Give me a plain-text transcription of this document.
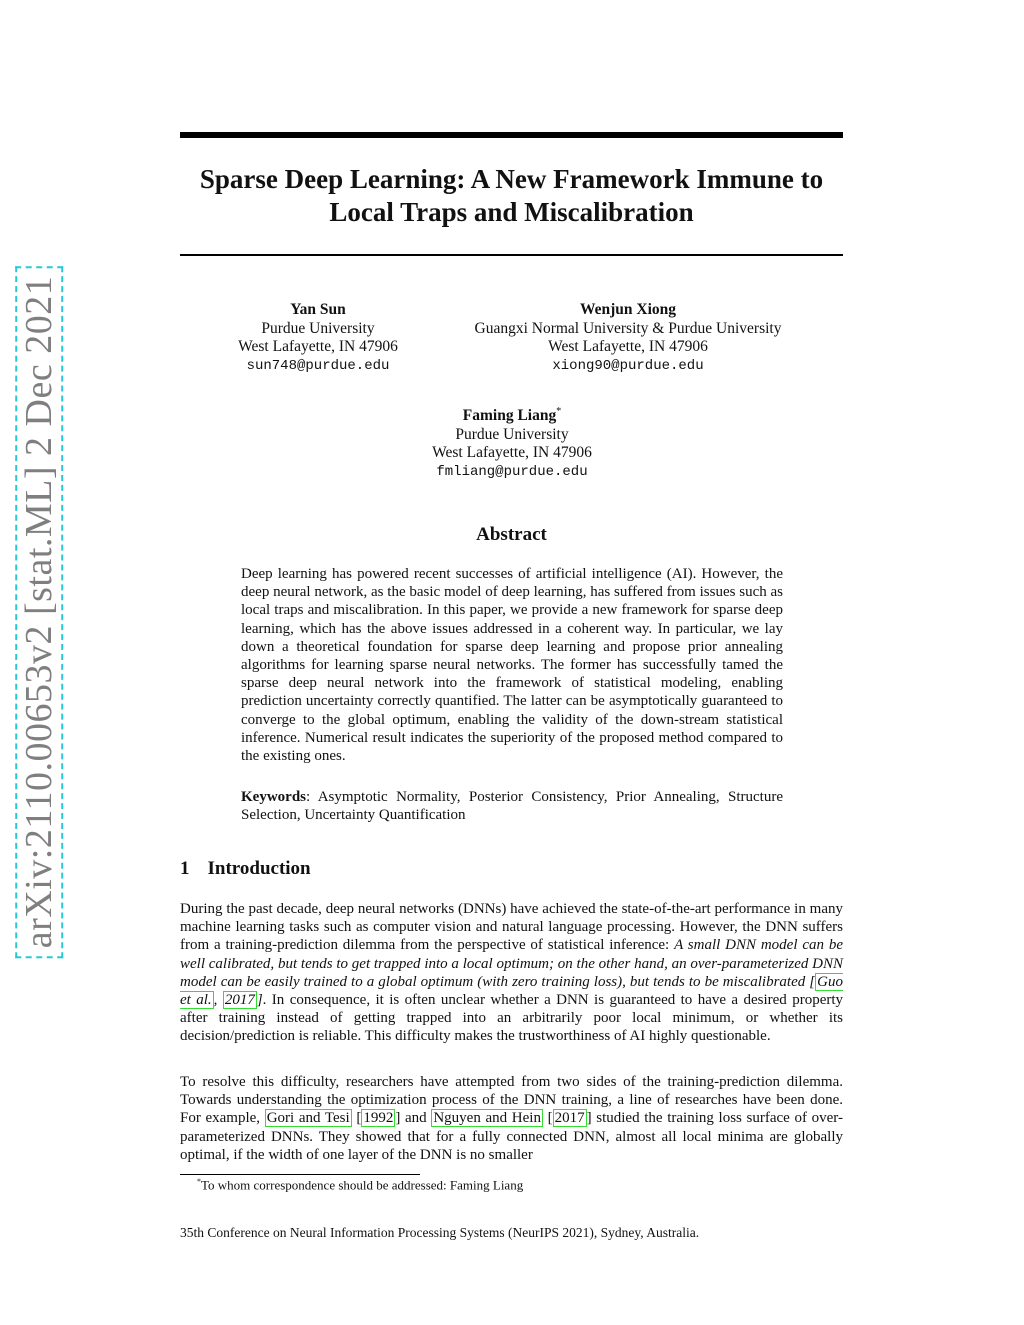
arXiv:2110.00653v2 [stat.ML] 2 Dec 2021
Sparse Deep Learning: A New Framework Immune to Local Traps and Miscalibration
Yan Sun
Purdue University
West Lafayette, IN 47906
sun748@purdue.edu
Wenjun Xiong
Guangxi Normal University & Purdue University
West Lafayette, IN 47906
xiong90@purdue.edu
Faming Liang*
Purdue University
West Lafayette, IN 47906
fmliang@purdue.edu
Abstract

Deep learning has powered recent successes of artificial intelligence (AI). However, the deep neural network, as the basic model of deep learning, has suffered from issues such as local traps and miscalibration. In this paper, we provide a new framework for sparse deep learning, which has the above issues addressed in a coherent way. In particular, we lay down a theoretical foundation for sparse deep learning and propose prior annealing algorithms for learning sparse neural networks. The former has successfully tamed the sparse deep neural network into the framework of statistical modeling, enabling prediction uncertainty correctly quantified. The latter can be asymptotically guaranteed to converge to the global optimum, enabling the validity of the down-stream statistical inference. Numerical result indicates the superiority of the proposed method compared to the existing ones.

Keywords: Asymptotic Normality, Posterior Consistency, Prior Annealing, Structure Selection, Uncertainty Quantification

1 Introduction

During the past decade, deep neural networks (DNNs) have achieved the state-of-the-art performance in many machine learning tasks such as computer vision and natural language processing. However, the DNN suffers from a training-prediction dilemma from the perspective of statistical inference: A small DNN model can be well calibrated, but tends to get trapped into a local optimum; on the other hand, an over-parameterized DNN model can be easily trained to a global optimum (with zero training loss), but tends to be miscalibrated [ Guo et al. , 2017 ]. In consequence, it is often unclear whether a DNN is guaranteed to have a desired property after training instead of getting trapped into an arbitrarily poor local minimum, or whether its decision/prediction is reliable. This difficulty makes the trustworthiness of AI highly questionable.

To resolve this difficulty, researchers have attempted from two sides of the training-prediction dilemma. Towards understanding the optimization process of the DNN training, a line of researches have been done. For example, Gori and Tesi [ 1992 ] and Nguyen and Hein [ 2017 ] studied the training loss surface of over-parameterized DNNs. They showed that for a fully connected DNN, almost all local minima are globally optimal, if the width of one layer of the DNN is no smaller

*To whom correspondence should be addressed: Faming Liang

35th Conference on Neural Information Processing Systems (NeurIPS 2021), Sydney, Australia.
